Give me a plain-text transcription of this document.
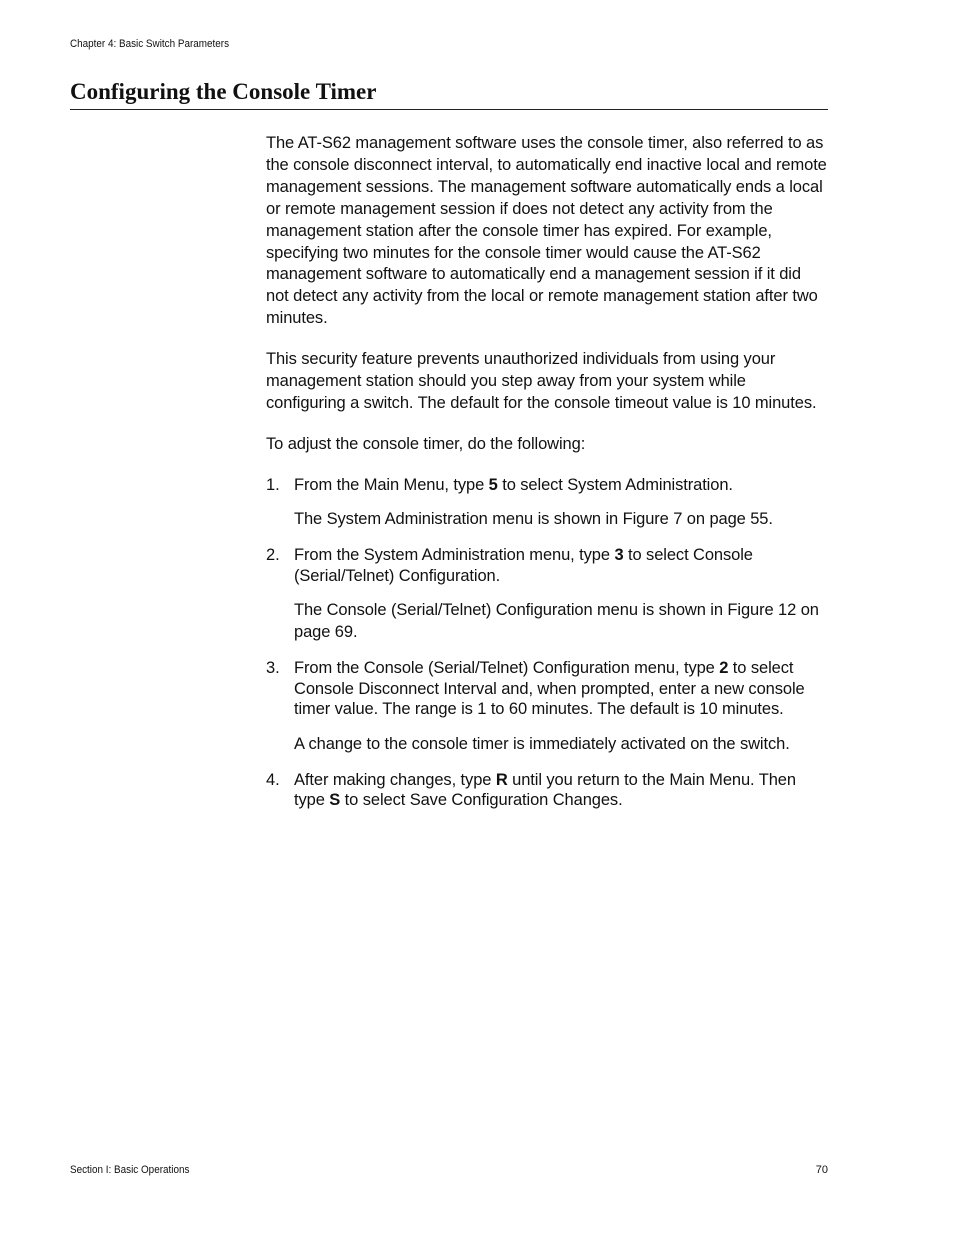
Chapter 4: Basic Switch Parameters
Configuring the Console Timer

The AT-S62 management software uses the console timer, also referred to as the console disconnect interval, to automatically end inactive local and remote management sessions. The management software automatically ends a local or remote management session if does not detect any activity from the management station after the console timer has expired. For example, specifying two minutes for the console timer would cause the AT-S62 management software to automatically end a management session if it did not detect any activity from the local or remote management station after two minutes.

This security feature prevents unauthorized individuals from using your management station should you step away from your system while configuring a switch. The default for the console timeout value is 10 minutes.

To adjust the console timer, do the following:

1. From the Main Menu, type 5 to select System Administration.

The System Administration menu is shown in Figure 7 on page 55.

2. From the System Administration menu, type 3 to select Console (Serial/Telnet) Configuration.

The Console (Serial/Telnet) Configuration menu is shown in Figure 12 on page 69.

3. From the Console (Serial/Telnet) Configuration menu, type 2 to select Console Disconnect Interval and, when prompted, enter a new console timer value. The range is 1 to 60 minutes. The default is 10 minutes.

A change to the console timer is immediately activated on the switch.

4. After making changes, type R until you return to the Main Menu. Then type S to select Save Configuration Changes.

Section I: Basic Operations	70
